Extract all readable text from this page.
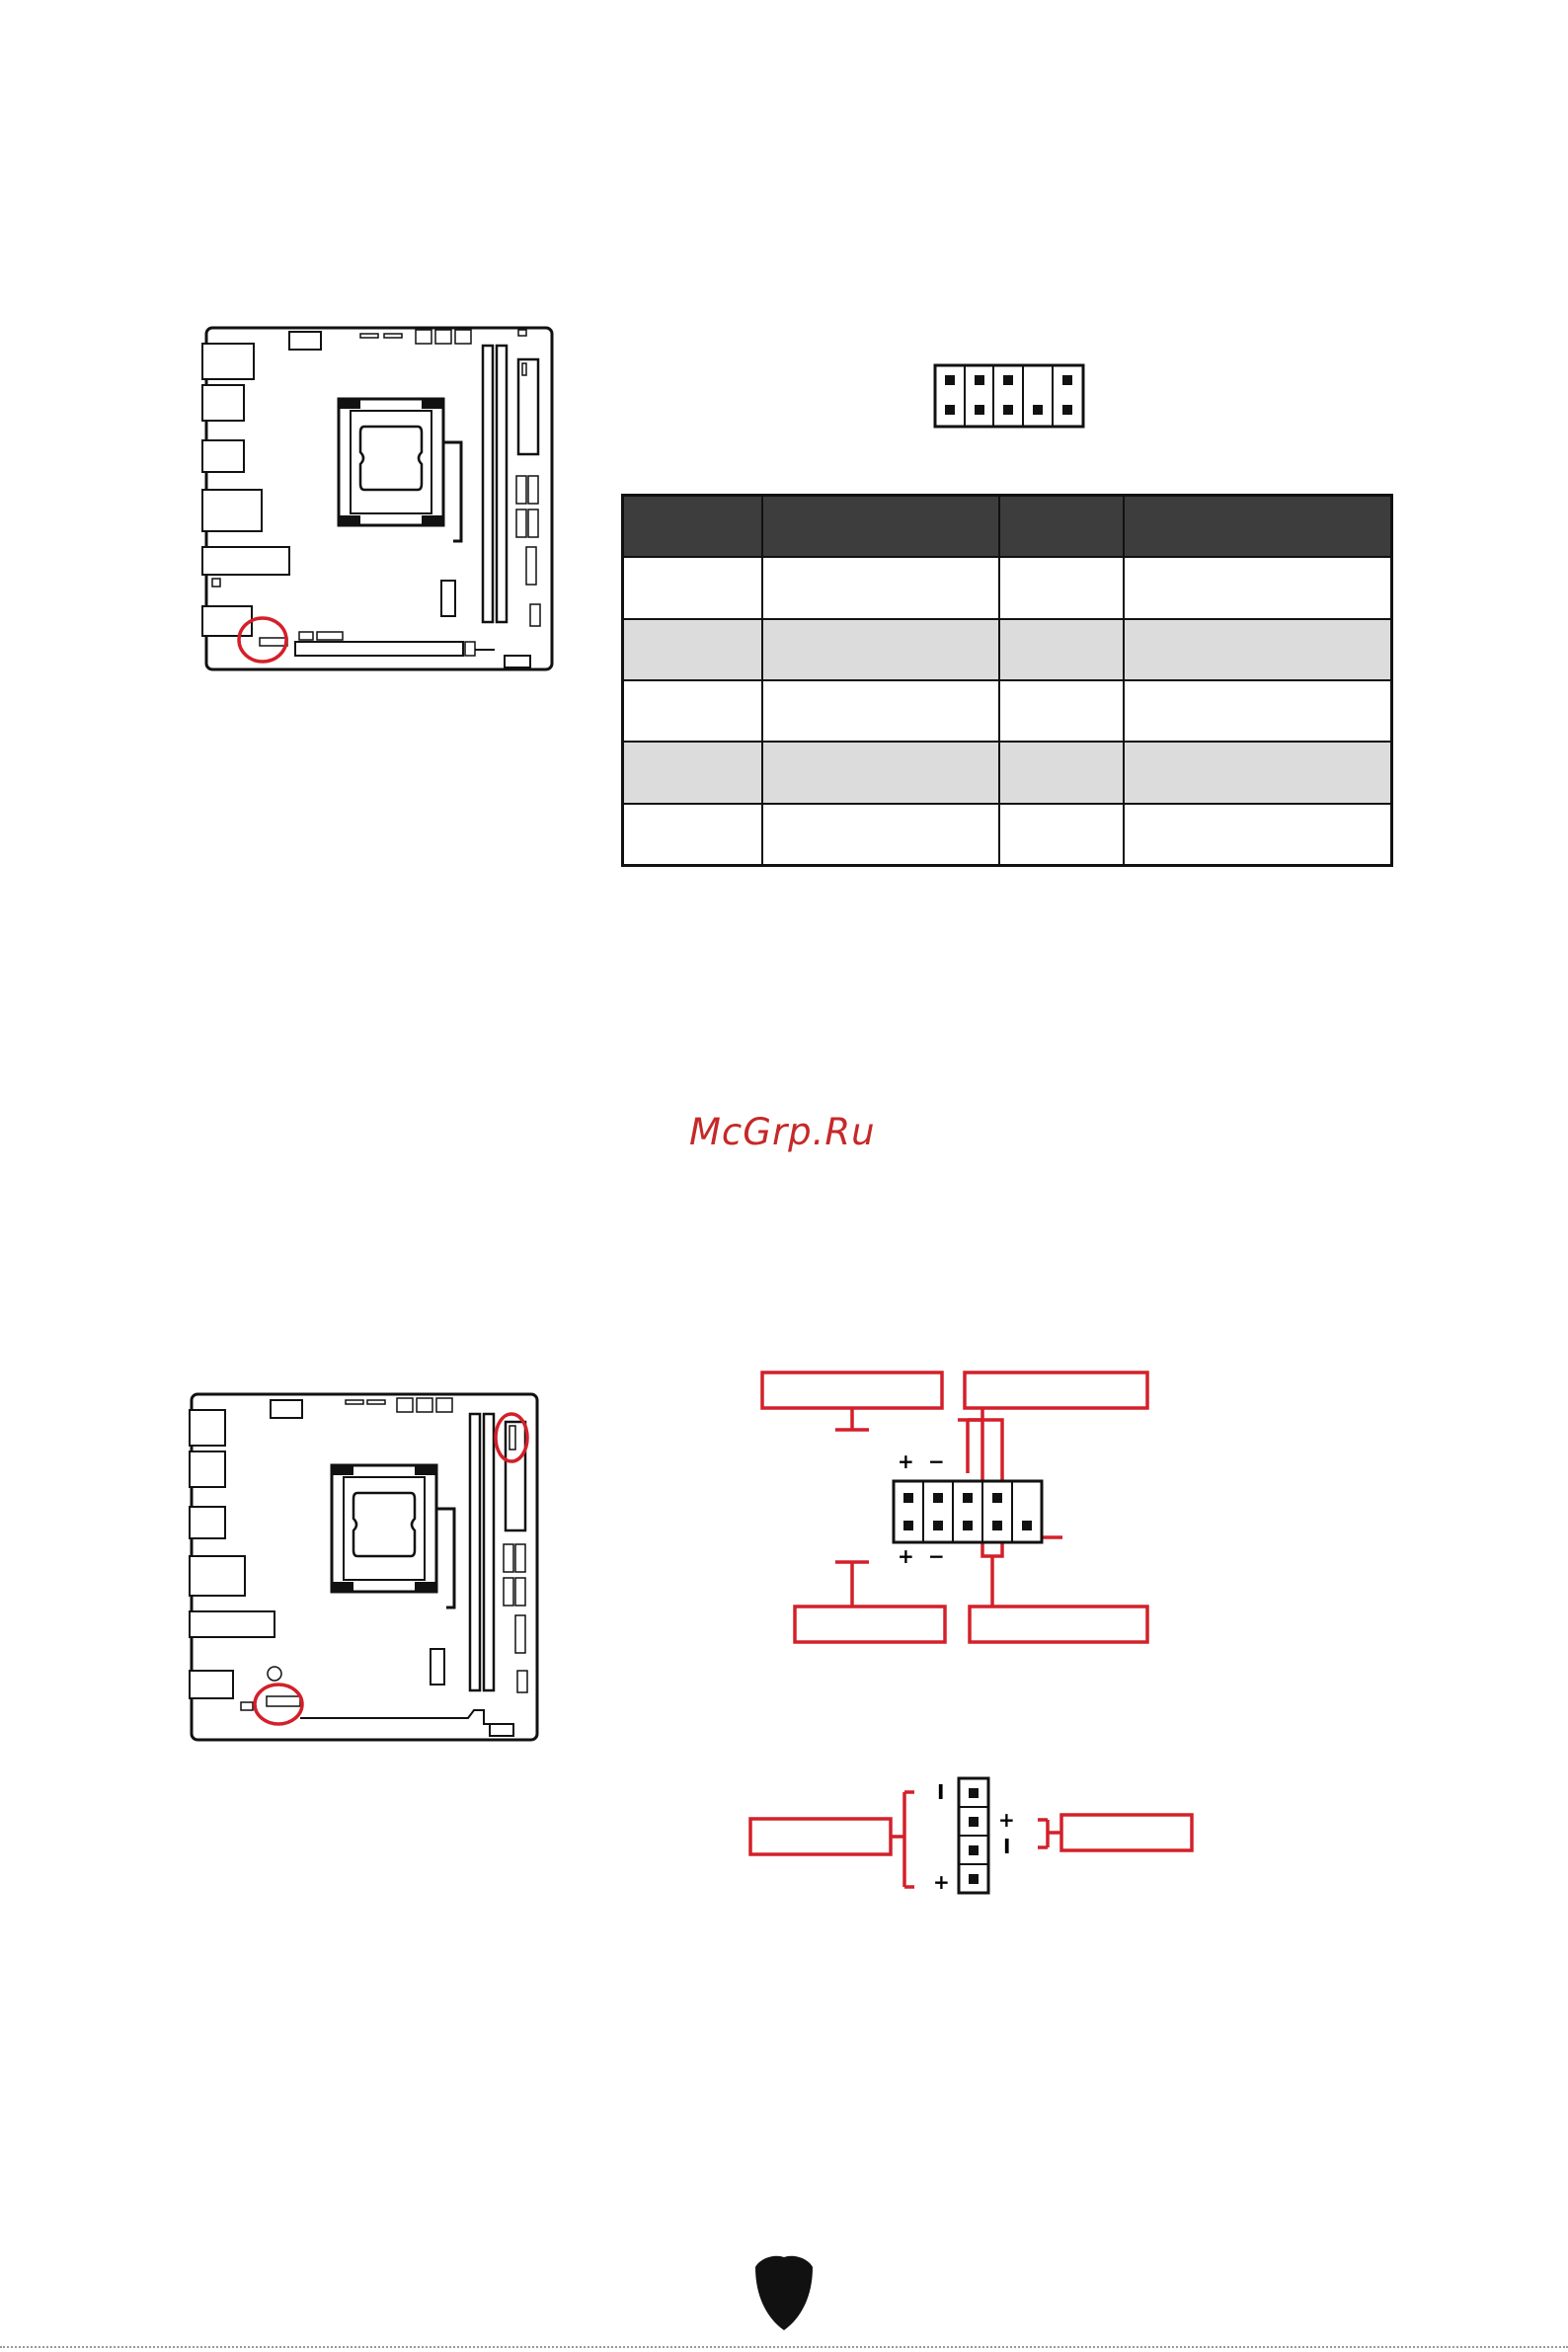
McGrp.Ru
+ −
+ −
I
+
+
I
